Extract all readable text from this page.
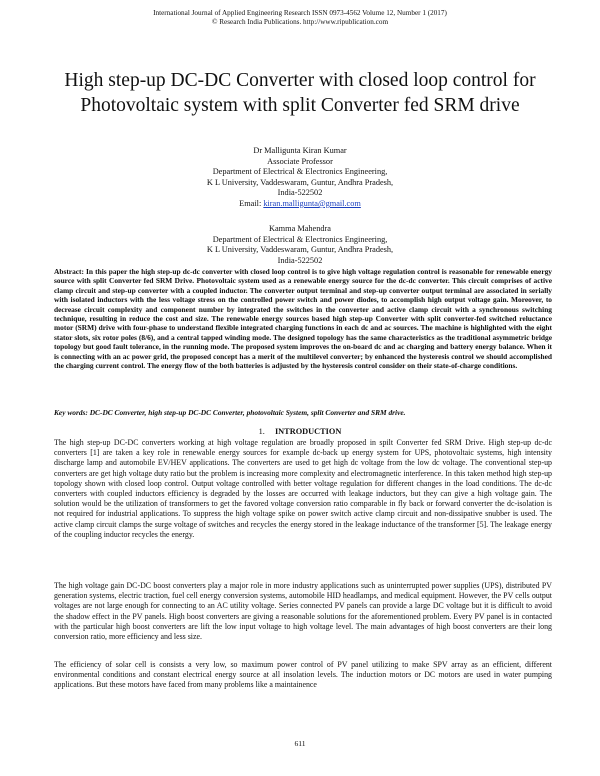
International Journal of Applied Engineering Research ISSN 0973-4562 Volume 12, Number 1 (2017)
© Research India Publications. http://www.ripublication.com
High step-up DC-DC Converter with closed loop control for Photovoltaic system with split Converter fed SRM drive
Dr Malligunta Kiran Kumar
Associate Professor
Department of Electrical & Electronics Engineering,
K L University, Vaddeswaram, Guntur, Andhra Pradesh,
India-522502
Email: kiran.malligunta@gmail.com
Kamma Mahendra
Department of Electrical & Electronics Engineering,
K L University, Vaddeswaram, Guntur, Andhra Pradesh,
India-522502
Abstract: In this paper the high step-up dc-dc converter with closed loop control is to give high voltage regulation control is reasonable for renewable energy source with split Converter fed SRM Drive. Photovoltaic system used as a renewable energy source for the dc-dc converter. This circuit comprises of active clamp circuit and step-up converter with a coupled inductor. The converter output terminal and step-up converter output terminal are associated in serially with isolated inductors with the less voltage stress on the controlled power switch and power diodes, to accomplish high output voltage gain. Moreover, to decrease circuit complexity and component number by integrated the switches in the converter and active clamp circuit with a synchronous switching technique, resulting in reduce the cost and size. The renewable energy sources based high step-up Converter with split converter-fed switched reluctance motor (SRM) drive with four-phase to understand flexible integrated charging functions in each dc and ac sources. The machine is highlighted with the eight stator slots, six rotor poles (8/6), and a central tapped winding mode. The designed topology has the same characteristics as the traditional asymmetric bridge topology but good fault tolerance, in the running mode. The proposed system improves the on-board dc and ac charging and battery energy balance. When it is connecting with an ac power grid, the proposed concept has a merit of the multilevel converter; by enhanced the hysteresis control we should accomplished the charging current control. The energy flow of the both batteries is adjusted by the hysteresis control consider on their state-of-charge conditions.
Key words: DC-DC Converter, high step-up DC-DC Converter, photovoltaic System, split Converter and SRM drive.
1. INTRODUCTION
The high step-up DC-DC converters working at high voltage regulation are broadly proposed in spilt Converter fed SRM Drive. High step-up dc-dc converters [1] are taken a key role in renewable energy sources for example dc-back up energy system for UPS, photovoltaic systems, high intensity discharge lamp and automobile EV/HEV applications. The converters are used to get high dc voltage from the low dc voltage. The conventional step-up converters are get high voltage duty ratio but the problem is increasing more complexity and electromagnetic interference. In this taken method high step-up topology shown with closed loop control. Output voltage controlled with better voltage regulation for different changes in the load conditions. The dc-dc converters with coupled inductors efficiency is degraded by the losses are occurred with leakage inductors, but they can give a high voltage gain. The solution would be the utilization of transformers to get the favored voltage conversion ratio comparable in fly back or forward converter the dc-isolation is not required for industrial applications. To suppress the high voltage spike on power switch active clamp circuit and non-dissipative snubber is used. The active clamp circuit clamps the surge voltage of switches and recycles the energy stored in the leakage inductance of the transformer [5]. The leakage energy of the coupling inductor recycles the energy.
The high voltage gain DC-DC boost converters play a major role in more industry applications such as uninterrupted power supplies (UPS), distributed PV generation systems, electric traction, fuel cell energy conversion systems, automobile HID headlamps, and medical equipment. However, the PV cells output voltages are not large enough for connecting to an AC utility voltage. Series connected PV panels can provide a large DC voltage but it is difficult to avoid the shadow effect in the PV panels. High boost converters are giving a reasonable solutions for the aforementioned problem. Every PV panel is in contacted with the particular high boost converters are lift the low input voltage to high voltage level. The main advantages of high boost converters are their long conversion ratio, more efficiency and less size.
The efficiency of solar cell is consists a very low, so maximum power control of PV panel utilizing to make SPV array as an efficient, different environmental conditions and constant electrical energy source at all insolation levels. The induction motors or DC motors are used in water pumping applications. But these motors have faced from many problems like a maintainence
611
